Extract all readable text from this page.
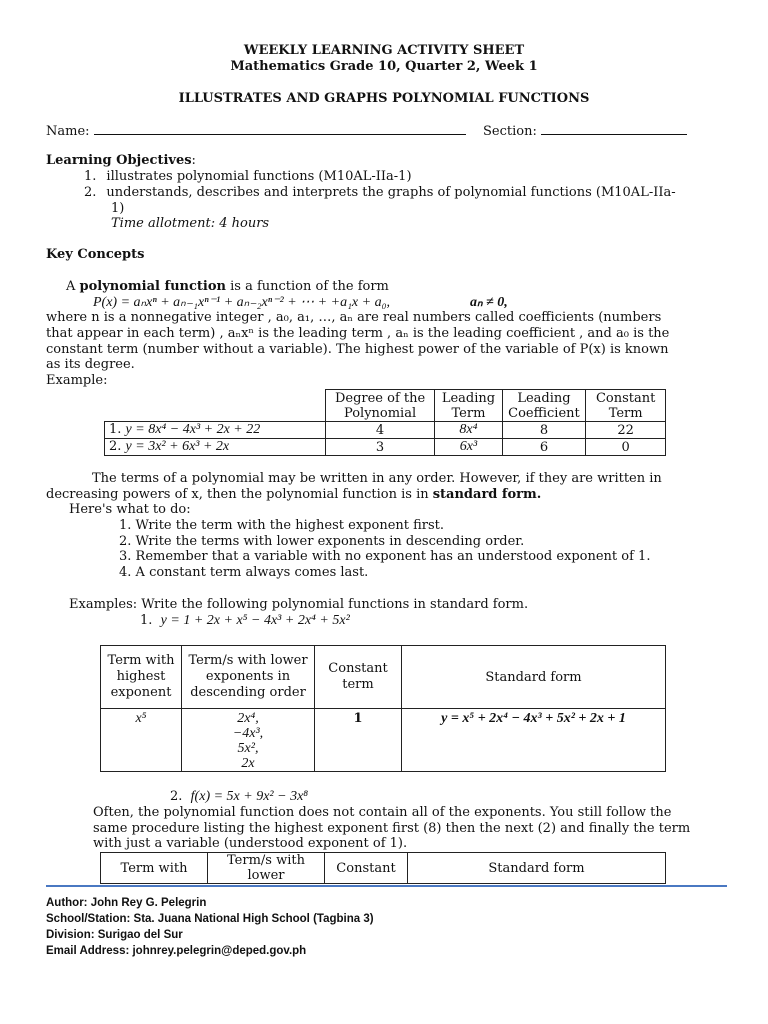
WEEKLY LEARNING ACTIVITY SHEET
Mathematics Grade 10, Quarter 2, Week 1
ILLUSTRATES AND GRAPHS POLYNOMIAL FUNCTIONS
Name:	Section:
Learning Objectives:
1. illustrates polynomial functions (M10AL-IIa-1)
2. understands, describes and interprets the graphs of polynomial functions (M10AL-IIa-
1)
Time allotment: 4 hours
Key Concepts
A polynomial function is a function of the form
P(x) = aₙxⁿ + aₙ₋₁xⁿ⁻¹ + aₙ₋₂xⁿ⁻² + ⋯ + +a₁x + a₀,	aₙ ≠ 0,
where n is a nonnegative integer , a₀, a₁, …, aₙ are real numbers called coefficients (numbers
that appear in each term) , aₙxⁿ is the leading term , aₙ is the leading coefficient , and a₀ is the
constant term (number without a variable). The highest power of the variable of P(x) is known
as its degree.
Example:
	Degree of the Polynomial	Leading Term	Leading Coefficient	Constant Term
1. y = 8x⁴ − 4x³ + 2x + 22	4	8x⁴	8	22
2. y = 3x² + 6x³ + 2x	3	6x³	6	0
The terms of a polynomial may be written in any order. However, if they are written in
decreasing powers of x, then the polynomial function is in standard form.
Here's what to do:
1. Write the term with the highest exponent first.
2. Write the terms with lower exponents in descending order.
3. Remember that a variable with no exponent has an understood exponent of 1.
4. A constant term always comes last.
Examples: Write the following polynomial functions in standard form.
1. y = 1 + 2x + x⁵ − 4x³ + 2x⁴ + 5x²
Term with highest exponent	Term/s with lower exponents in descending order	Constant term	Standard form
x⁵	2x⁴,
−4x³,
5x²,
2x	1	y = x⁵ + 2x⁴ − 4x³ + 5x² + 2x + 1
2. f(x) = 5x + 9x² − 3x⁸
Often, the polynomial function does not contain all of the exponents. You still follow the
same procedure listing the highest exponent first (8) then the next (2) and finally the term
with just a variable (understood exponent of 1).
Term with	Term/s with lower	Constant	Standard form
Author: John Rey G. Pelegrin
School/Station: Sta. Juana National High School (Tagbina 3)
Division: Surigao del Sur
Email Address: johnrey.pelegrin@deped.gov.ph
